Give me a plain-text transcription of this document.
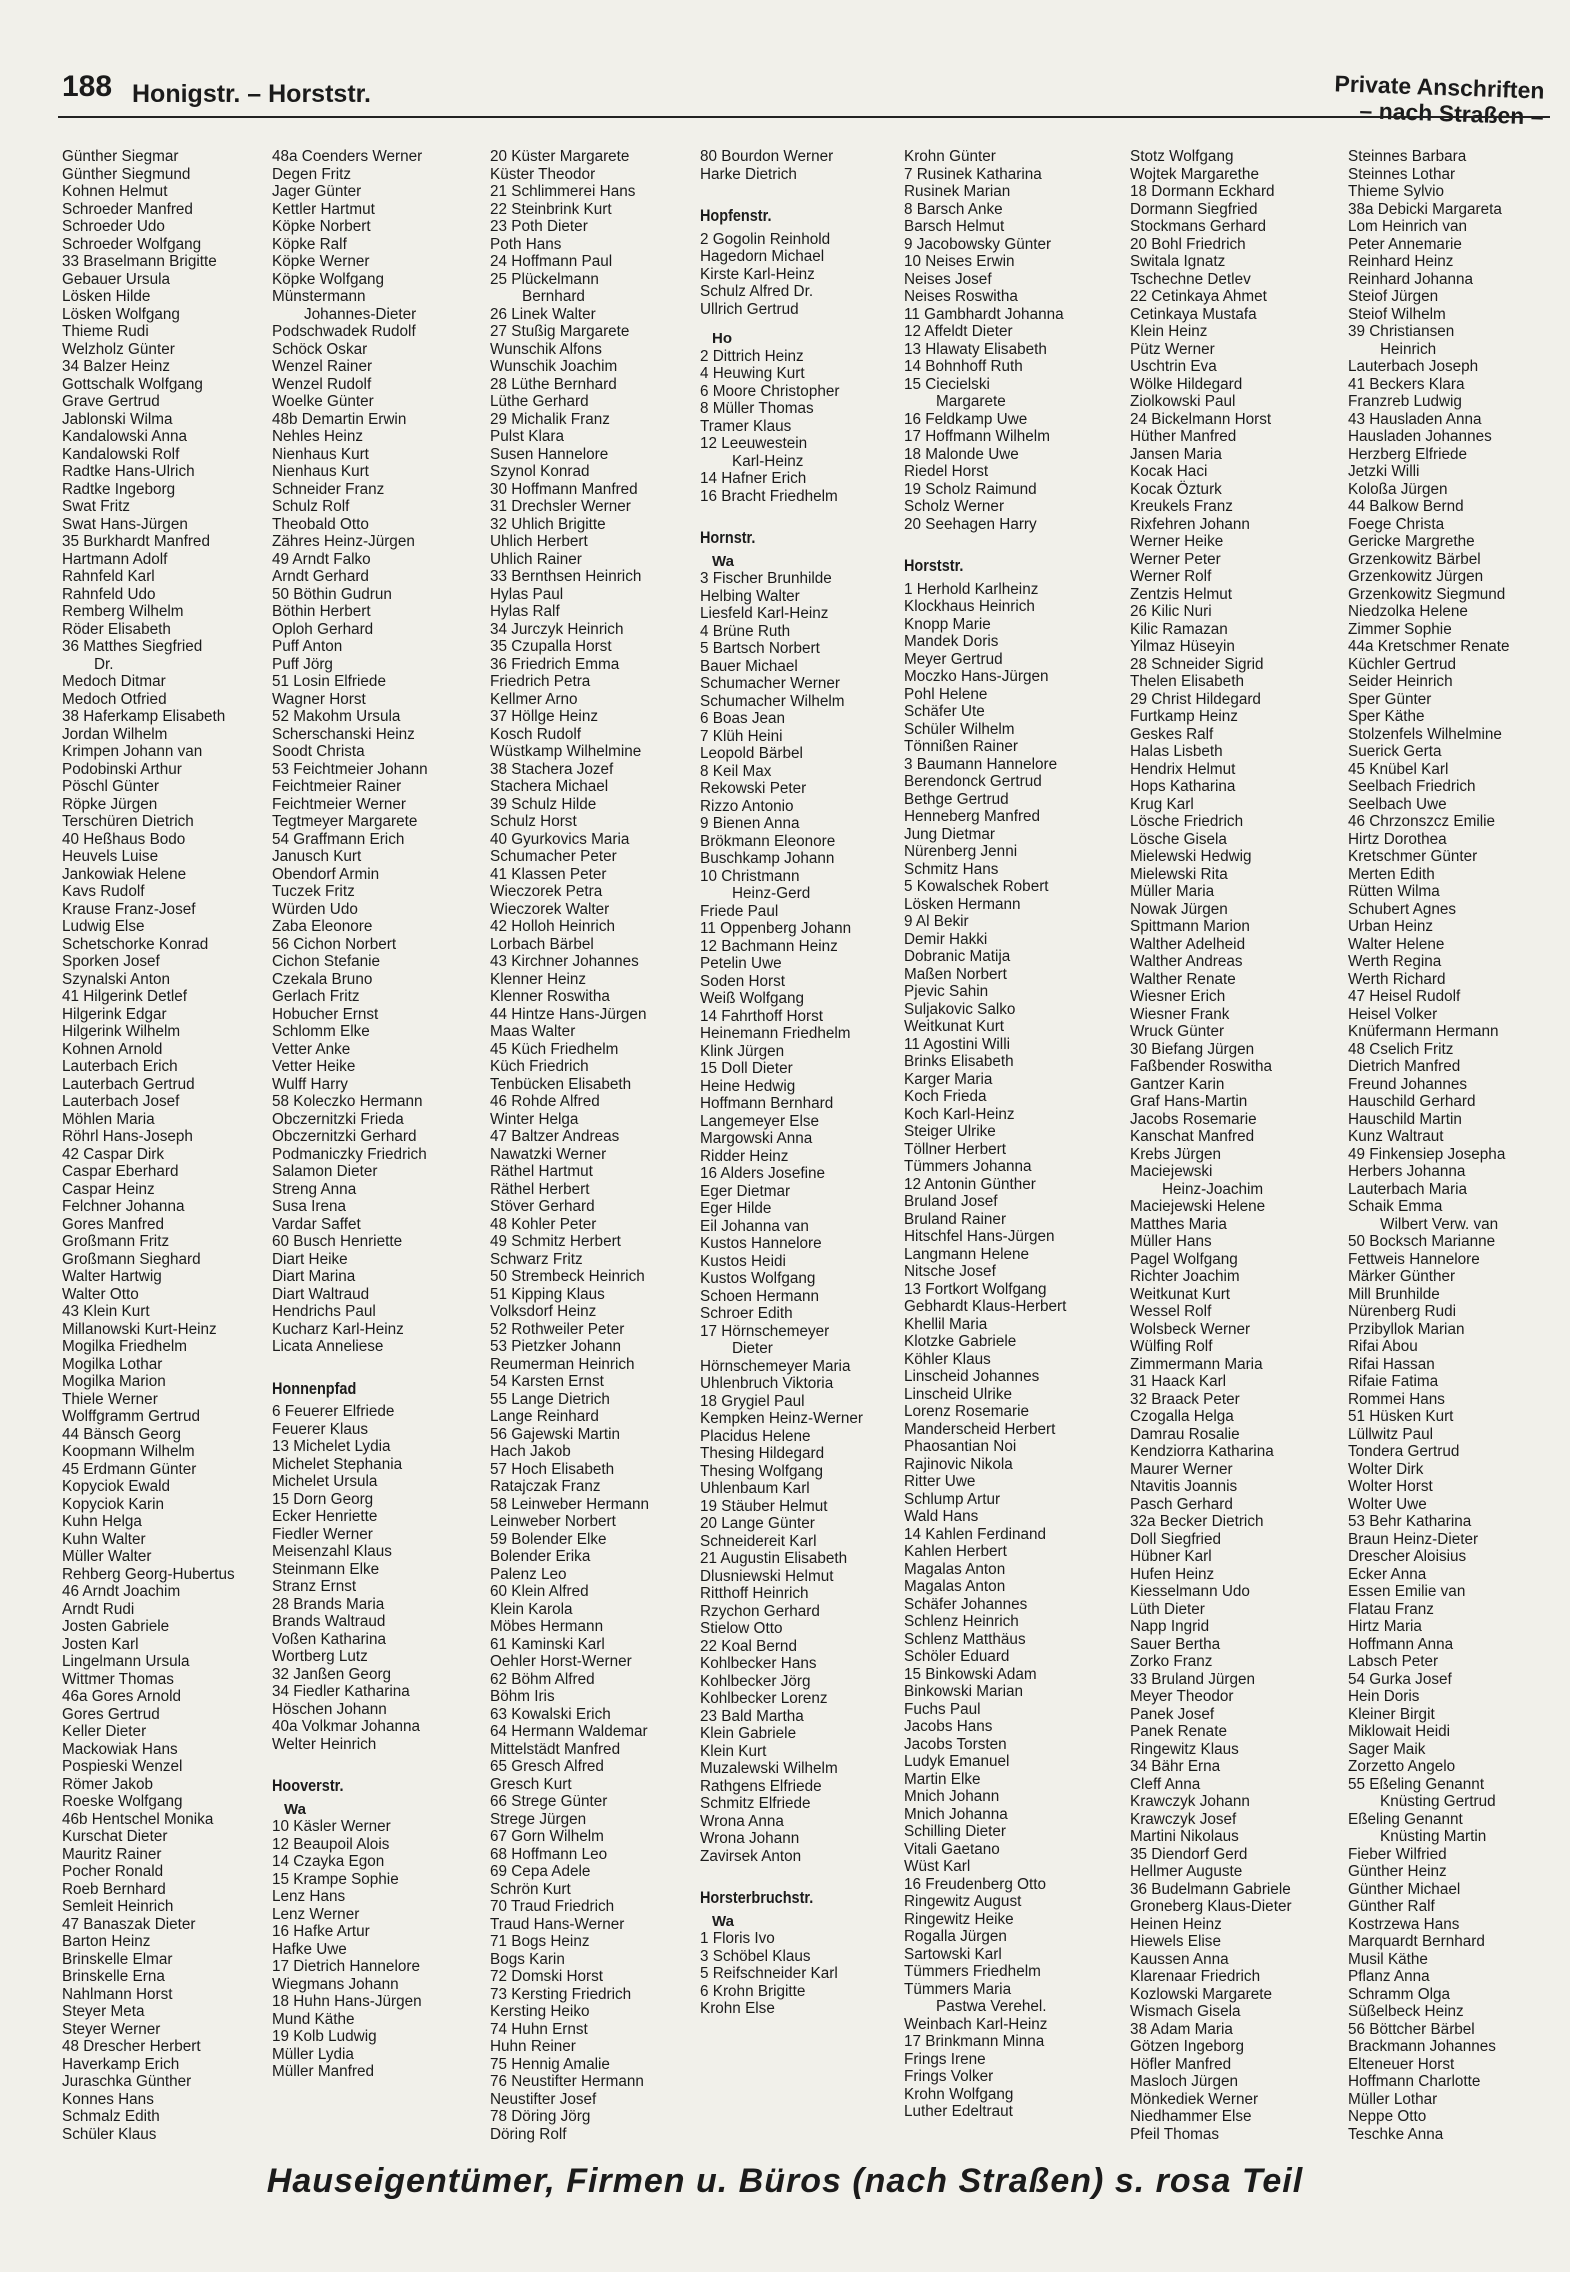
188 Honigstr. – Horststr.	Private Anschriften
– nach Straßen –
Günther Siegmar
Günther Siegmund
Kohnen Helmut
Schroeder Manfred
Schroeder Udo
Schroeder Wolfgang
33 Braselmann Brigitte
Gebauer Ursula
Lösken Hilde
Lösken Wolfgang
Thieme Rudi
Welzholz Günter
34 Balzer Heinz
Gottschalk Wolfgang
Grave Gertrud
Jablonski Wilma
Kandalowski Anna
Kandalowski Rolf
Radtke Hans-Ulrich
Radtke Ingeborg
Swat Fritz
Swat Hans-Jürgen
35 Burkhardt Manfred
Hartmann Adolf
Rahnfeld Karl
Rahnfeld Udo
Remberg Wilhelm
Röder Elisabeth
36 Matthes Siegfried
Dr.
Medoch Ditmar
Medoch Otfried
38 Haferkamp Elisabeth
Jordan Wilhelm
Krimpen Johann van
Podobinski Arthur
Pöschl Günter
Röpke Jürgen
Terschüren Dietrich
40 Heßhaus Bodo
Heuvels Luise
Jankowiak Helene
Kavs Rudolf
Krause Franz-Josef
Ludwig Else
Schetschorke Konrad
Sporken Josef
Szynalski Anton
41 Hilgerink Detlef
Hilgerink Edgar
Hilgerink Wilhelm
Kohnen Arnold
Lauterbach Erich
Lauterbach Gertrud
Lauterbach Josef
Möhlen Maria
Röhrl Hans-Joseph
42 Caspar Dirk
Caspar Eberhard
Caspar Heinz
Felchner Johanna
Gores Manfred
Großmann Fritz
Großmann Sieghard
Walter Hartwig
Walter Otto
43 Klein Kurt
Millanowski Kurt-Heinz
Mogilka Friedhelm
Mogilka Lothar
Mogilka Marion
Thiele Werner
Wolffgramm Gertrud
44 Bänsch Georg
Koopmann Wilhelm
45 Erdmann Günter
Kopyciok Ewald
Kopyciok Karin
Kuhn Helga
Kuhn Walter
Müller Walter
Rehberg Georg-Hubertus
46 Arndt Joachim
Arndt Rudi
Josten Gabriele
Josten Karl
Lingelmann Ursula
Wittmer Thomas
46a Gores Arnold
Gores Gertrud
Keller Dieter
Mackowiak Hans
Pospieski Wenzel
Römer Jakob
Roeske Wolfgang
46b Hentschel Monika
Kurschat Dieter
Mauritz Rainer
Pocher Ronald
Roeb Bernhard
Semleit Heinrich
47 Banaszak Dieter
Barton Heinz
Brinskelle Elmar
Brinskelle Erna
Nahlmann Horst
Steyer Meta
Steyer Werner
48 Drescher Herbert
Haverkamp Erich
Juraschka Günther
Konnes Hans
Schmalz Edith
Schüler Klaus
48a Coenders Werner
Degen Fritz
Jager Günter
Kettler Hartmut
Köpke Norbert
Köpke Ralf
Köpke Werner
Köpke Wolfgang
Münstermann
Johannes-Dieter
Podschwadek Rudolf
Schöck Oskar
Wenzel Rainer
Wenzel Rudolf
Woelke Günter
48b Demartin Erwin
Nehles Heinz
Nienhaus Kurt
Nienhaus Kurt
Schneider Franz
Schulz Rolf
Theobald Otto
Zähres Heinz-Jürgen
49 Arndt Falko
Arndt Gerhard
50 Böthin Gudrun
Böthin Herbert
Oploh Gerhard
Puff Anton
Puff Jörg
51 Losin Elfriede
Wagner Horst
52 Makohm Ursula
Scherschanski Heinz
Soodt Christa
53 Feichtmeier Johann
Feichtmeier Rainer
Feichtmeier Werner
Tegtmeyer Margarete
54 Graffmann Erich
Janusch Kurt
Obendorf Armin
Tuczek Fritz
Würden Udo
Zaba Eleonore
56 Cichon Norbert
Cichon Stefanie
Czekala Bruno
Gerlach Fritz
Hobucher Ernst
Schlomm Elke
Vetter Anke
Vetter Heike
Wulff Harry
58 Koleczko Hermann
Obczernitzki Frieda
Obczernitzki Gerhard
Podmaniczky Friedrich
Salamon Dieter
Streng Anna
Susa Irena
Vardar Saffet
60 Busch Henriette
Diart Heike
Diart Marina
Diart Waltraud
Hendrichs Paul
Kucharz Karl-Heinz
Licata Anneliese
Honnenpfad
6 Feuerer Elfriede
Feuerer Klaus
13 Michelet Lydia
Michelet Stephania
Michelet Ursula
15 Dorn Georg
Ecker Henriette
Fiedler Werner
Meisenzahl Klaus
Steinmann Elke
Stranz Ernst
28 Brands Maria
Brands Waltraud
Voßen Katharina
Wortberg Lutz
32 Janßen Georg
34 Fiedler Katharina
Höschen Johann
40a Volkmar Johanna
Welter Heinrich
Hooverstr.
Wa
10 Käsler Werner
12 Beaupoil Alois
14 Czayka Egon
15 Krampe Sophie
Lenz Hans
Lenz Werner
16 Hafke Artur
Hafke Uwe
17 Dietrich Hannelore
Wiegmans Johann
18 Huhn Hans-Jürgen
Mund Käthe
19 Kolb Ludwig
Müller Lydia
Müller Manfred
20 Küster Margarete
Küster Theodor
21 Schlimmerei Hans
22 Steinbrink Kurt
23 Poth Dieter
Poth Hans
24 Hoffmann Paul
25 Plückelmann
Bernhard
26 Linek Walter
27 Stußig Margarete
Wunschik Alfons
Wunschik Joachim
28 Lüthe Bernhard
Lüthe Gerhard
29 Michalik Franz
Pulst Klara
Susen Hannelore
Szynol Konrad
30 Hoffmann Manfred
31 Drechsler Werner
32 Uhlich Brigitte
Uhlich Herbert
Uhlich Rainer
33 Bernthsen Heinrich
Hylas Paul
Hylas Ralf
34 Jurczyk Heinrich
35 Czupalla Horst
36 Friedrich Emma
Friedrich Petra
Kellmer Arno
37 Höllge Heinz
Kosch Rudolf
Wüstkamp Wilhelmine
38 Stachera Jozef
Stachera Michael
39 Schulz Hilde
Schulz Horst
40 Gyurkovics Maria
Schumacher Peter
41 Klassen Peter
Wieczorek Petra
Wieczorek Walter
42 Holloh Heinrich
Lorbach Bärbel
43 Kirchner Johannes
Klenner Heinz
Klenner Roswitha
44 Hintze Hans-Jürgen
Maas Walter
45 Küch Friedhelm
Küch Friedrich
Tenbücken Elisabeth
46 Rohde Alfred
Winter Helga
47 Baltzer Andreas
Nawatzki Werner
Räthel Hartmut
Räthel Herbert
Stöver Gerhard
48 Kohler Peter
49 Schmitz Herbert
Schwarz Fritz
50 Strembeck Heinrich
51 Kipping Klaus
Volksdorf Heinz
52 Rothweiler Peter
53 Pietzker Johann
Reumerman Heinrich
54 Karsten Ernst
55 Lange Dietrich
Lange Reinhard
56 Gajewski Martin
Hach Jakob
57 Hoch Elisabeth
Ratajczak Franz
58 Leinweber Hermann
Leinweber Norbert
59 Bolender Elke
Bolender Erika
Palenz Leo
60 Klein Alfred
Klein Karola
Möbes Hermann
61 Kaminski Karl
Oehler Horst-Werner
62 Böhm Alfred
Böhm Iris
63 Kowalski Erich
64 Hermann Waldemar
Mittelstädt Manfred
65 Gresch Alfred
Gresch Kurt
66 Strege Günter
Strege Jürgen
67 Gorn Wilhelm
68 Hoffmann Leo
69 Cepa Adele
Schrön Kurt
70 Traud Friedrich
Traud Hans-Werner
71 Bogs Heinz
Bogs Karin
72 Domski Horst
73 Kersting Friedrich
Kersting Heiko
74 Huhn Ernst
Huhn Reiner
75 Hennig Amalie
76 Neustifter Hermann
Neustifter Josef
78 Döring Jörg
Döring Rolf
80 Bourdon Werner
Harke Dietrich
Hopfenstr.
2 Gogolin Reinhold
Hagedorn Michael
Kirste Karl-Heinz
Schulz Alfred Dr.
Ullrich Gertrud
Ho
2 Dittrich Heinz
4 Heuwing Kurt
6 Moore Christopher
8 Müller Thomas
Tramer Klaus
12 Leeuwestein
Karl-Heinz
14 Hafner Erich
16 Bracht Friedhelm
Hornstr.
Wa
3 Fischer Brunhilde
Helbing Walter
Liesfeld Karl-Heinz
4 Brüne Ruth
5 Bartsch Norbert
Bauer Michael
Schumacher Werner
Schumacher Wilhelm
6 Boas Jean
7 Klüh Heini
Leopold Bärbel
8 Keil Max
Rekowski Peter
Rizzo Antonio
9 Bienen Anna
Brökmann Eleonore
Buschkamp Johann
10 Christmann
Heinz-Gerd
Friede Paul
11 Oppenberg Johann
12 Bachmann Heinz
Petelin Uwe
Soden Horst
Weiß Wolfgang
14 Fahrthoff Horst
Heinemann Friedhelm
Klink Jürgen
15 Doll Dieter
Heine Hedwig
Hoffmann Bernhard
Langemeyer Else
Margowski Anna
Ridder Heinz
16 Alders Josefine
Eger Dietmar
Eger Hilde
Eil Johanna van
Kustos Hannelore
Kustos Heidi
Kustos Wolfgang
Schoen Hermann
Schroer Edith
17 Hörnschemeyer
Dieter
Hörnschemeyer Maria
Uhlenbruch Viktoria
18 Grygiel Paul
Kempken Heinz-Werner
Placidus Helene
Thesing Hildegard
Thesing Wolfgang
Uhlenbaum Karl
19 Stäuber Helmut
20 Lange Günter
Schneidereit Karl
21 Augustin Elisabeth
Dlusniewski Helmut
Ritthoff Heinrich
Rzychon Gerhard
Stielow Otto
22 Koal Bernd
Kohlbecker Hans
Kohlbecker Jörg
Kohlbecker Lorenz
23 Bald Martha
Klein Gabriele
Klein Kurt
Muzalewski Wilhelm
Rathgens Elfriede
Schmitz Elfriede
Wrona Anna
Wrona Johann
Zavirsek Anton
Horsterbruchstr.
Wa
1 Floris Ivo
3 Schöbel Klaus
5 Reifschneider Karl
6 Krohn Brigitte
Krohn Else
Krohn Günter
7 Rusinek Katharina
Rusinek Marian
8 Barsch Anke
Barsch Helmut
9 Jacobowsky Günter
10 Neises Erwin
Neises Josef
Neises Roswitha
11 Gambhardt Johanna
12 Affeldt Dieter
13 Hlawaty Elisabeth
14 Bohnhoff Ruth
15 Ciecielski
Margarete
16 Feldkamp Uwe
17 Hoffmann Wilhelm
18 Malonde Uwe
Riedel Horst
19 Scholz Raimund
Scholz Werner
20 Seehagen Harry
Horststr.
1 Herhold Karlheinz
Klockhaus Heinrich
Knopp Marie
Mandek Doris
Meyer Gertrud
Moczko Hans-Jürgen
Pohl Helene
Schäfer Ute
Schüler Wilhelm
Tönnißen Rainer
3 Baumann Hannelore
Berendonck Gertrud
Bethge Gertrud
Henneberg Manfred
Jung Dietmar
Nürenberg Jenni
Schmitz Hans
5 Kowalschek Robert
Lösken Hermann
9 Al Bekir
Demir Hakki
Dobranic Matija
Maßen Norbert
Pjevic Sahin
Suljakovic Salko
Weitkunat Kurt
11 Agostini Willi
Brinks Elisabeth
Karger Maria
Koch Frieda
Koch Karl-Heinz
Steiger Ulrike
Töllner Herbert
Tümmers Johanna
12 Antonin Günther
Bruland Josef
Bruland Rainer
Hitschfel Hans-Jürgen
Langmann Helene
Nitsche Josef
13 Fortkort Wolfgang
Gebhardt Klaus-Herbert
Khellil Maria
Klotzke Gabriele
Köhler Klaus
Linscheid Johannes
Linscheid Ulrike
Lorenz Rosemarie
Manderscheid Herbert
Phaosantian Noi
Rajinovic Nikola
Ritter Uwe
Schlump Artur
Wald Hans
14 Kahlen Ferdinand
Kahlen Herbert
Magalas Anton
Magalas Anton
Schäfer Johannes
Schlenz Heinrich
Schlenz Matthäus
Schöler Eduard
15 Binkowski Adam
Binkowski Marian
Fuchs Paul
Jacobs Hans
Jacobs Torsten
Ludyk Emanuel
Martin Elke
Mnich Johann
Mnich Johanna
Schilling Dieter
Vitali Gaetano
Wüst Karl
16 Freudenberg Otto
Ringewitz August
Ringewitz Heike
Rogalla Jürgen
Sartowski Karl
Tümmers Friedhelm
Tümmers Maria
Pastwa Verehel.
Weinbach Karl-Heinz
17 Brinkmann Minna
Frings Irene
Frings Volker
Krohn Wolfgang
Luther Edeltraut
Stotz Wolfgang
Wojtek Margarethe
18 Dormann Eckhard
Dormann Siegfried
Stockmans Gerhard
20 Bohl Friedrich
Switala Ignatz
Tschechne Detlev
22 Cetinkaya Ahmet
Cetinkaya Mustafa
Klein Heinz
Pütz Werner
Uschtrin Eva
Wölke Hildegard
Ziolkowski Paul
24 Bickelmann Horst
Hüther Manfred
Jansen Maria
Kocak Haci
Kocak Özturk
Kreukels Franz
Rixfehren Johann
Werner Heike
Werner Peter
Werner Rolf
Zentzis Helmut
26 Kilic Nuri
Kilic Ramazan
Yilmaz Hüseyin
28 Schneider Sigrid
Thelen Elisabeth
29 Christ Hildegard
Furtkamp Heinz
Geskes Ralf
Halas Lisbeth
Hendrix Helmut
Hops Katharina
Krug Karl
Lösche Friedrich
Lösche Gisela
Mielewski Hedwig
Mielewski Rita
Müller Maria
Nowak Jürgen
Spittmann Marion
Walther Adelheid
Walther Andreas
Walther Renate
Wiesner Erich
Wiesner Frank
Wruck Günter
30 Biefang Jürgen
Faßbender Roswitha
Gantzer Karin
Graf Hans-Martin
Jacobs Rosemarie
Kanschat Manfred
Krebs Jürgen
Maciejewski
Heinz-Joachim
Maciejewski Helene
Matthes Maria
Müller Hans
Pagel Wolfgang
Richter Joachim
Weitkunat Kurt
Wessel Rolf
Wolsbeck Werner
Wülfing Rolf
Zimmermann Maria
31 Haack Karl
32 Braack Peter
Czogalla Helga
Damrau Rosalie
Kendziorra Katharina
Maurer Werner
Ntavitis Joannis
Pasch Gerhard
32a Becker Dietrich
Doll Siegfried
Hübner Karl
Hufen Heinz
Kiesselmann Udo
Lüth Dieter
Napp Ingrid
Sauer Bertha
Zorko Franz
33 Bruland Jürgen
Meyer Theodor
Panek Josef
Panek Renate
Ringewitz Klaus
34 Bähr Erna
Cleff Anna
Krawczyk Johann
Krawczyk Josef
Martini Nikolaus
35 Diendorf Gerd
Hellmer Auguste
36 Budelmann Gabriele
Groneberg Klaus-Dieter
Heinen Heinz
Hiewels Elise
Kaussen Anna
Klarenaar Friedrich
Kozlowski Margarete
Wismach Gisela
38 Adam Maria
Götzen Ingeborg
Höfler Manfred
Masloch Jürgen
Mönkediek Werner
Niedhammer Else
Pfeil Thomas
Steinnes Barbara
Steinnes Lothar
Thieme Sylvio
38a Debicki Margareta
Lom Heinrich van
Peter Annemarie
Reinhard Heinz
Reinhard Johanna
Steiof Jürgen
Steiof Wilhelm
39 Christiansen
Heinrich
Lauterbach Joseph
41 Beckers Klara
Franzreb Ludwig
43 Hausladen Anna
Hausladen Johannes
Herzberg Elfriede
Jetzki Willi
Koloßa Jürgen
44 Balkow Bernd
Foege Christa
Gericke Margrethe
Grzenkowitz Bärbel
Grzenkowitz Jürgen
Grzenkowitz Siegmund
Niedzolka Helene
Zimmer Sophie
44a Kretschmer Renate
Küchler Gertrud
Seider Heinrich
Sper Günter
Sper Käthe
Stolzenfels Wilhelmine
Suerick Gerta
45 Knübel Karl
Seelbach Friedrich
Seelbach Uwe
46 Chrzonszcz Emilie
Hirtz Dorothea
Kretschmer Günter
Merten Edith
Rütten Wilma
Schubert Agnes
Urban Heinz
Walter Helene
Werth Regina
Werth Richard
47 Heisel Rudolf
Heisel Volker
Knüfermann Hermann
48 Cselich Fritz
Dietrich Manfred
Freund Johannes
Hauschild Gerhard
Hauschild Martin
Kunz Waltraut
49 Finkensiep Josepha
Herbers Johanna
Lauterbach Maria
Schaik Emma
Wilbert Verw. van
50 Bocksch Marianne
Fettweis Hannelore
Märker Günther
Mill Brunhilde
Nürenberg Rudi
Przibyllok Marian
Rifai Abou
Rifai Hassan
Rifaie Fatima
Rommei Hans
51 Hüsken Kurt
Lüllwitz Paul
Tondera Gertrud
Wolter Dirk
Wolter Horst
Wolter Uwe
53 Behr Katharina
Braun Heinz-Dieter
Drescher Aloisius
Ecker Anna
Essen Emilie van
Flatau Franz
Hirtz Maria
Hoffmann Anna
Labsch Peter
54 Gurka Josef
Hein Doris
Kleiner Birgit
Miklowait Heidi
Sager Maik
Zorzetto Angelo
55 Eßeling Genannt
Knüsting Gertrud
Eßeling Genannt
Knüsting Martin
Fieber Wilfried
Günther Heinz
Günther Michael
Günther Ralf
Kostrzewa Hans
Marquardt Bernhard
Musil Käthe
Pflanz Anna
Schramm Olga
Süßelbeck Heinz
56 Böttcher Bärbel
Brackmann Johannes
Elteneuer Horst
Hoffmann Charlotte
Müller Lothar
Neppe Otto
Teschke Anna
Hauseigentümer, Firmen u. Büros (nach Straßen) s. rosa Teil
